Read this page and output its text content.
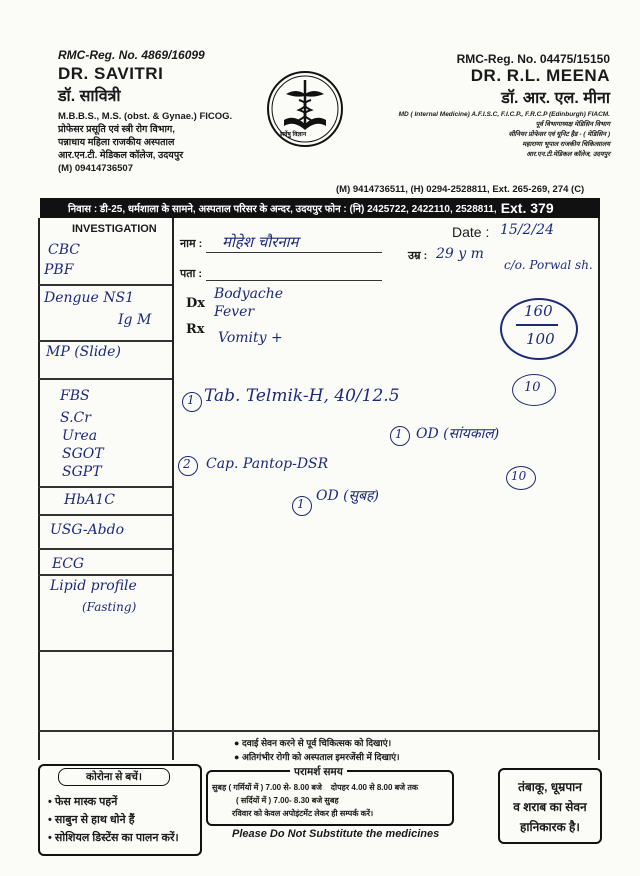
RMC-Reg. No. 4869/16099
DR. SAVITRI
डॉ. सावित्री
M.B.B.S., M.S. (obst. & Gynae.) FICOG.
प्रोफेसर प्रसूति एवं स्त्री रोग विभाग,
पन्नाधाय महिला राजकीय अस्पताल
आर.एन.टी. मेडिकल कॉलेज, उदयपुर
(M) 09414736507
सर्वेषु विज्ञान
RMC-Reg. No. 04475/15150
DR. R.L. MEENA
डॉ. आर. एल. मीना
MD ( Internal Medicine) A.F.I.S.C, F.I.C.P., F.R.C.P (Edinburgh) FIACM.
पूर्व विभागाध्यक्ष मेडिसिन विभाग
सीनियर प्रोफेसर एवं यूनिट हैड - ( मेडिसिन )
महाराणा भूपाल राजकीय चिकित्सालय
आर.एन.टी.मेडिकल कॉलेज, उदयपुर
(M) 9414736511, (H) 0294-2528811, Ext. 265-269, 274 (C)
निवास : डी-25, धर्मशाला के सामने, अस्पताल परिसर के अन्दर, उदयपुर फोन : (नि) 2425722, 2422110, 2528811, Ext. 379
INVESTIGATION
CBC
PBF
Dengue NS1
Ig M
MP (Slide)
FBS
S.Cr
Urea
SGOT
SGPT
HbA1C
USG-Abdo
ECG
Lipid profile
(Fasting)
नाम : मोहेश चौरनाम
पता :
उम्र : 29 y m
c/o. Porwal sh.
Date : 15/2/24
Dx
Rx
Bodyache
Fever
Vomity +
160
100
1 Tab. Telmik-H, 40/12.5	10
1 OD (सांयकाल)
2 Cap. Pantop-DSR
10
1 OD (सुबह)
● दवाई सेवन करने से पूर्व चिकित्सक को दिखाएं।
● अतिगंभीर रोगी को अस्पताल इमरजेंसी में दिखाएं।
कोरोना से बचें।
• फेस मास्क पहनें
• साबुन से हाथ धोने हैं
• सोशियल डिस्टेंस का पालन करें।
परामर्श समय
सुबह ( गर्मियों में ) 7.00 से- 8.00 बजे    दोपहर 4.00 से 8.00 बजे तक
( सर्दियों में ) 7.00- 8.30 बजे सुबह
रविवार को केवल अपोइंटमेंट लेकर ही सम्पर्क करें।
Please Do Not Substitute the medicines
तंबाकू, धूम्रपान
व शराब का सेवन
हानिकारक है।
